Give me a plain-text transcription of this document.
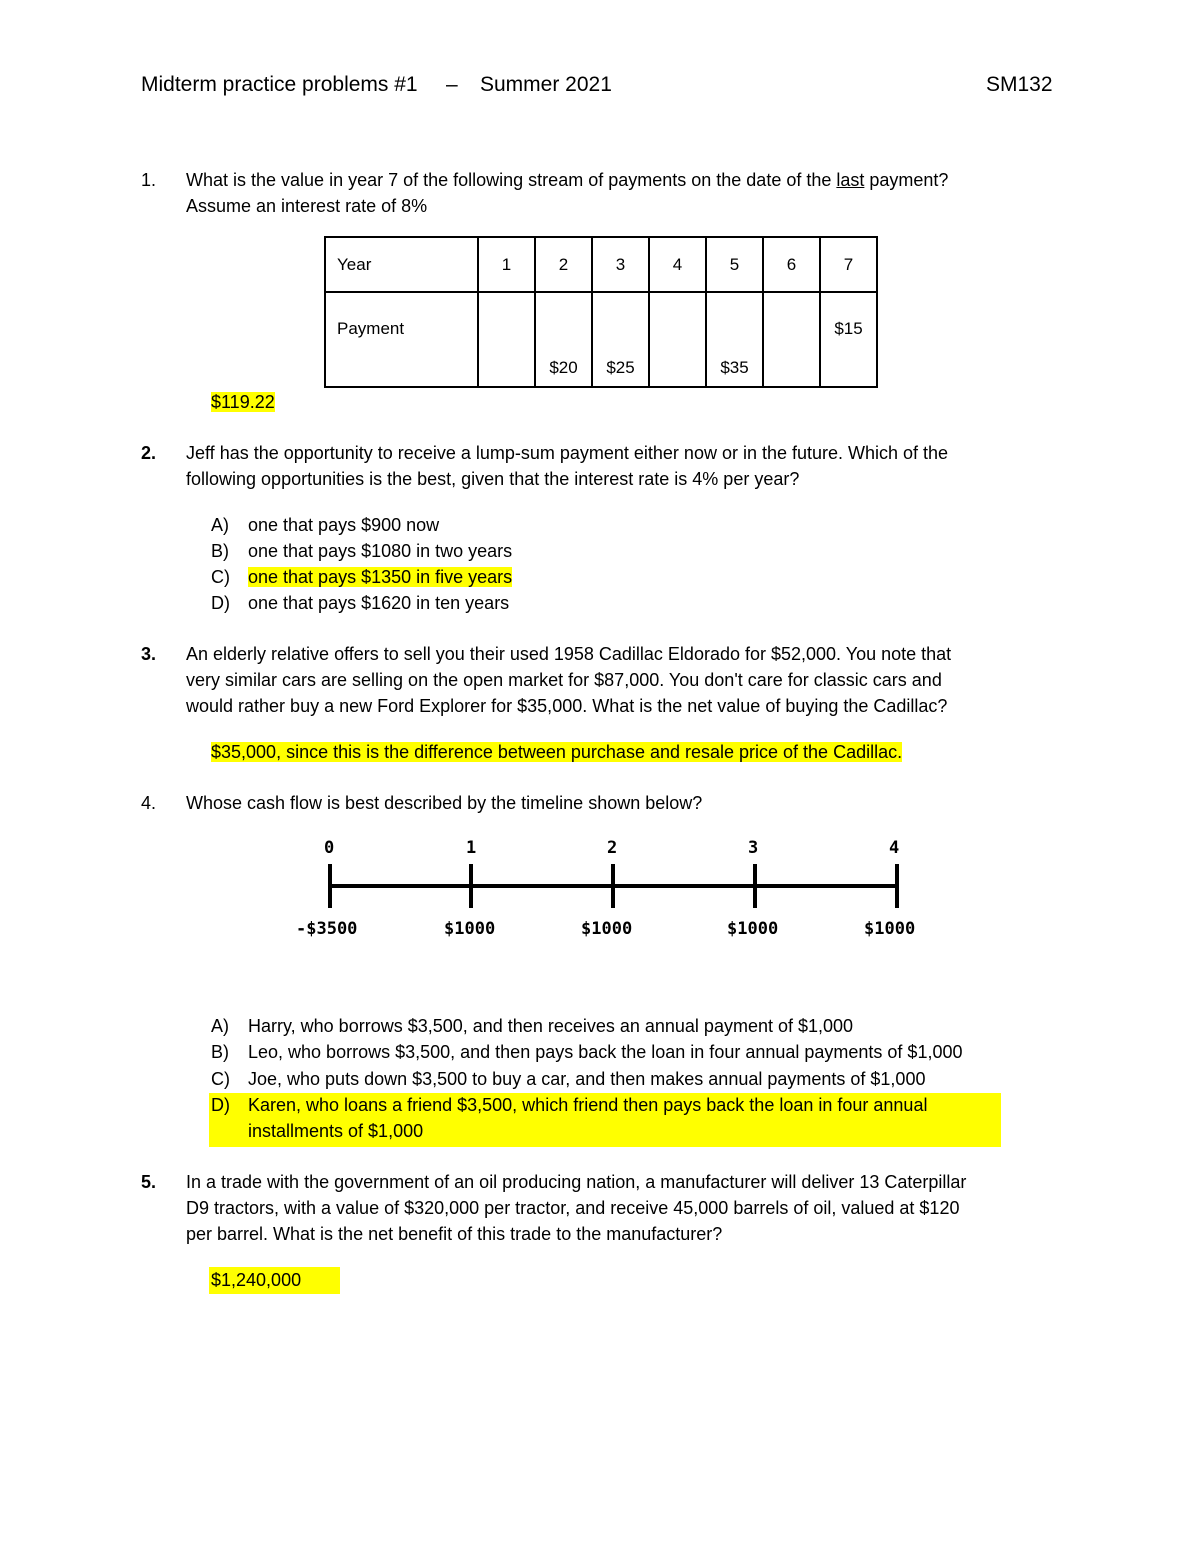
Midterm practice problems #1 – Summer 2021	SM132
1. What is the value in year 7 of the following stream of payments on the date of the last payment?
Assume an interest rate of 8%
Year	1	2	3	4	5	6	7
Payment		$20	$25		$35		$15
$119.22
2. Jeff has the opportunity to receive a lump-sum payment either now or in the future. Which of the
following opportunities is the best, given that the interest rate is 4% per year?
A) one that pays $900 now
B) one that pays $1080 in two years
C) one that pays $1350 in five years
D) one that pays $1620 in ten years
3. An elderly relative offers to sell you their used 1958 Cadillac Eldorado for $52,000. You note that
very similar cars are selling on the open market for $87,000. You don't care for classic cars and
would rather buy a new Ford Explorer for $35,000. What is the net value of buying the Cadillac?
$35,000, since this is the difference between purchase and resale price of the Cadillac.
4. Whose cash flow is best described by the timeline shown below?
0	1	2	3	4
-$3500	$1000	$1000	$1000	$1000
A) Harry, who borrows $3,500, and then receives an annual payment of $1,000
B) Leo, who borrows $3,500, and then pays back the loan in four annual payments of $1,000
C) Joe, who puts down $3,500 to buy a car, and then makes annual payments of $1,000
D) Karen, who loans a friend $3,500, which friend then pays back the loan in four annual
installments of $1,000
5. In a trade with the government of an oil producing nation, a manufacturer will deliver 13 Caterpillar
D9 tractors, with a value of $320,000 per tractor, and receive 45,000 barrels of oil, valued at $120
per barrel. What is the net benefit of this trade to the manufacturer?
$1,240,000
